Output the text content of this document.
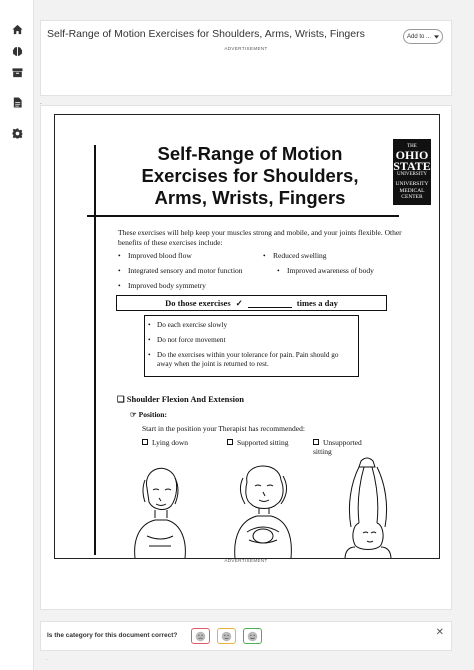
Self-Range of Motion Exercises for Shoulders, Arms, Wrists, Fingers
ADVERTISEMENT
Add to ...
-
Self-Range of Motion
Exercises for Shoulders,
Arms, Wrists, Fingers
THE
OHIO
STATE
UNIVERSITY
UNIVERSITY
MEDICAL
CENTER
These exercises will help keep your muscles strong and mobile, and your joints flexible. Other benefits of these exercises include:
• Improved blood flow	• Reduced swelling
• Integrated sensory and motor function	• Improved awareness of body
• Improved body symmetry
Do those exercises ✓	times a day
• Do each exercise slowly
• Do not force movement
• Do the exercises within your tolerance for pain. Pain should go away when the joint is returned to rest.
❑ Shoulder Flexion And Extension
☞ Position:
Start in the position your Therapist has recommended:
Lying down	Supported sitting	Unsupported sitting
ADVERTISEMENT
Is the category for this document correct?	✕
-
